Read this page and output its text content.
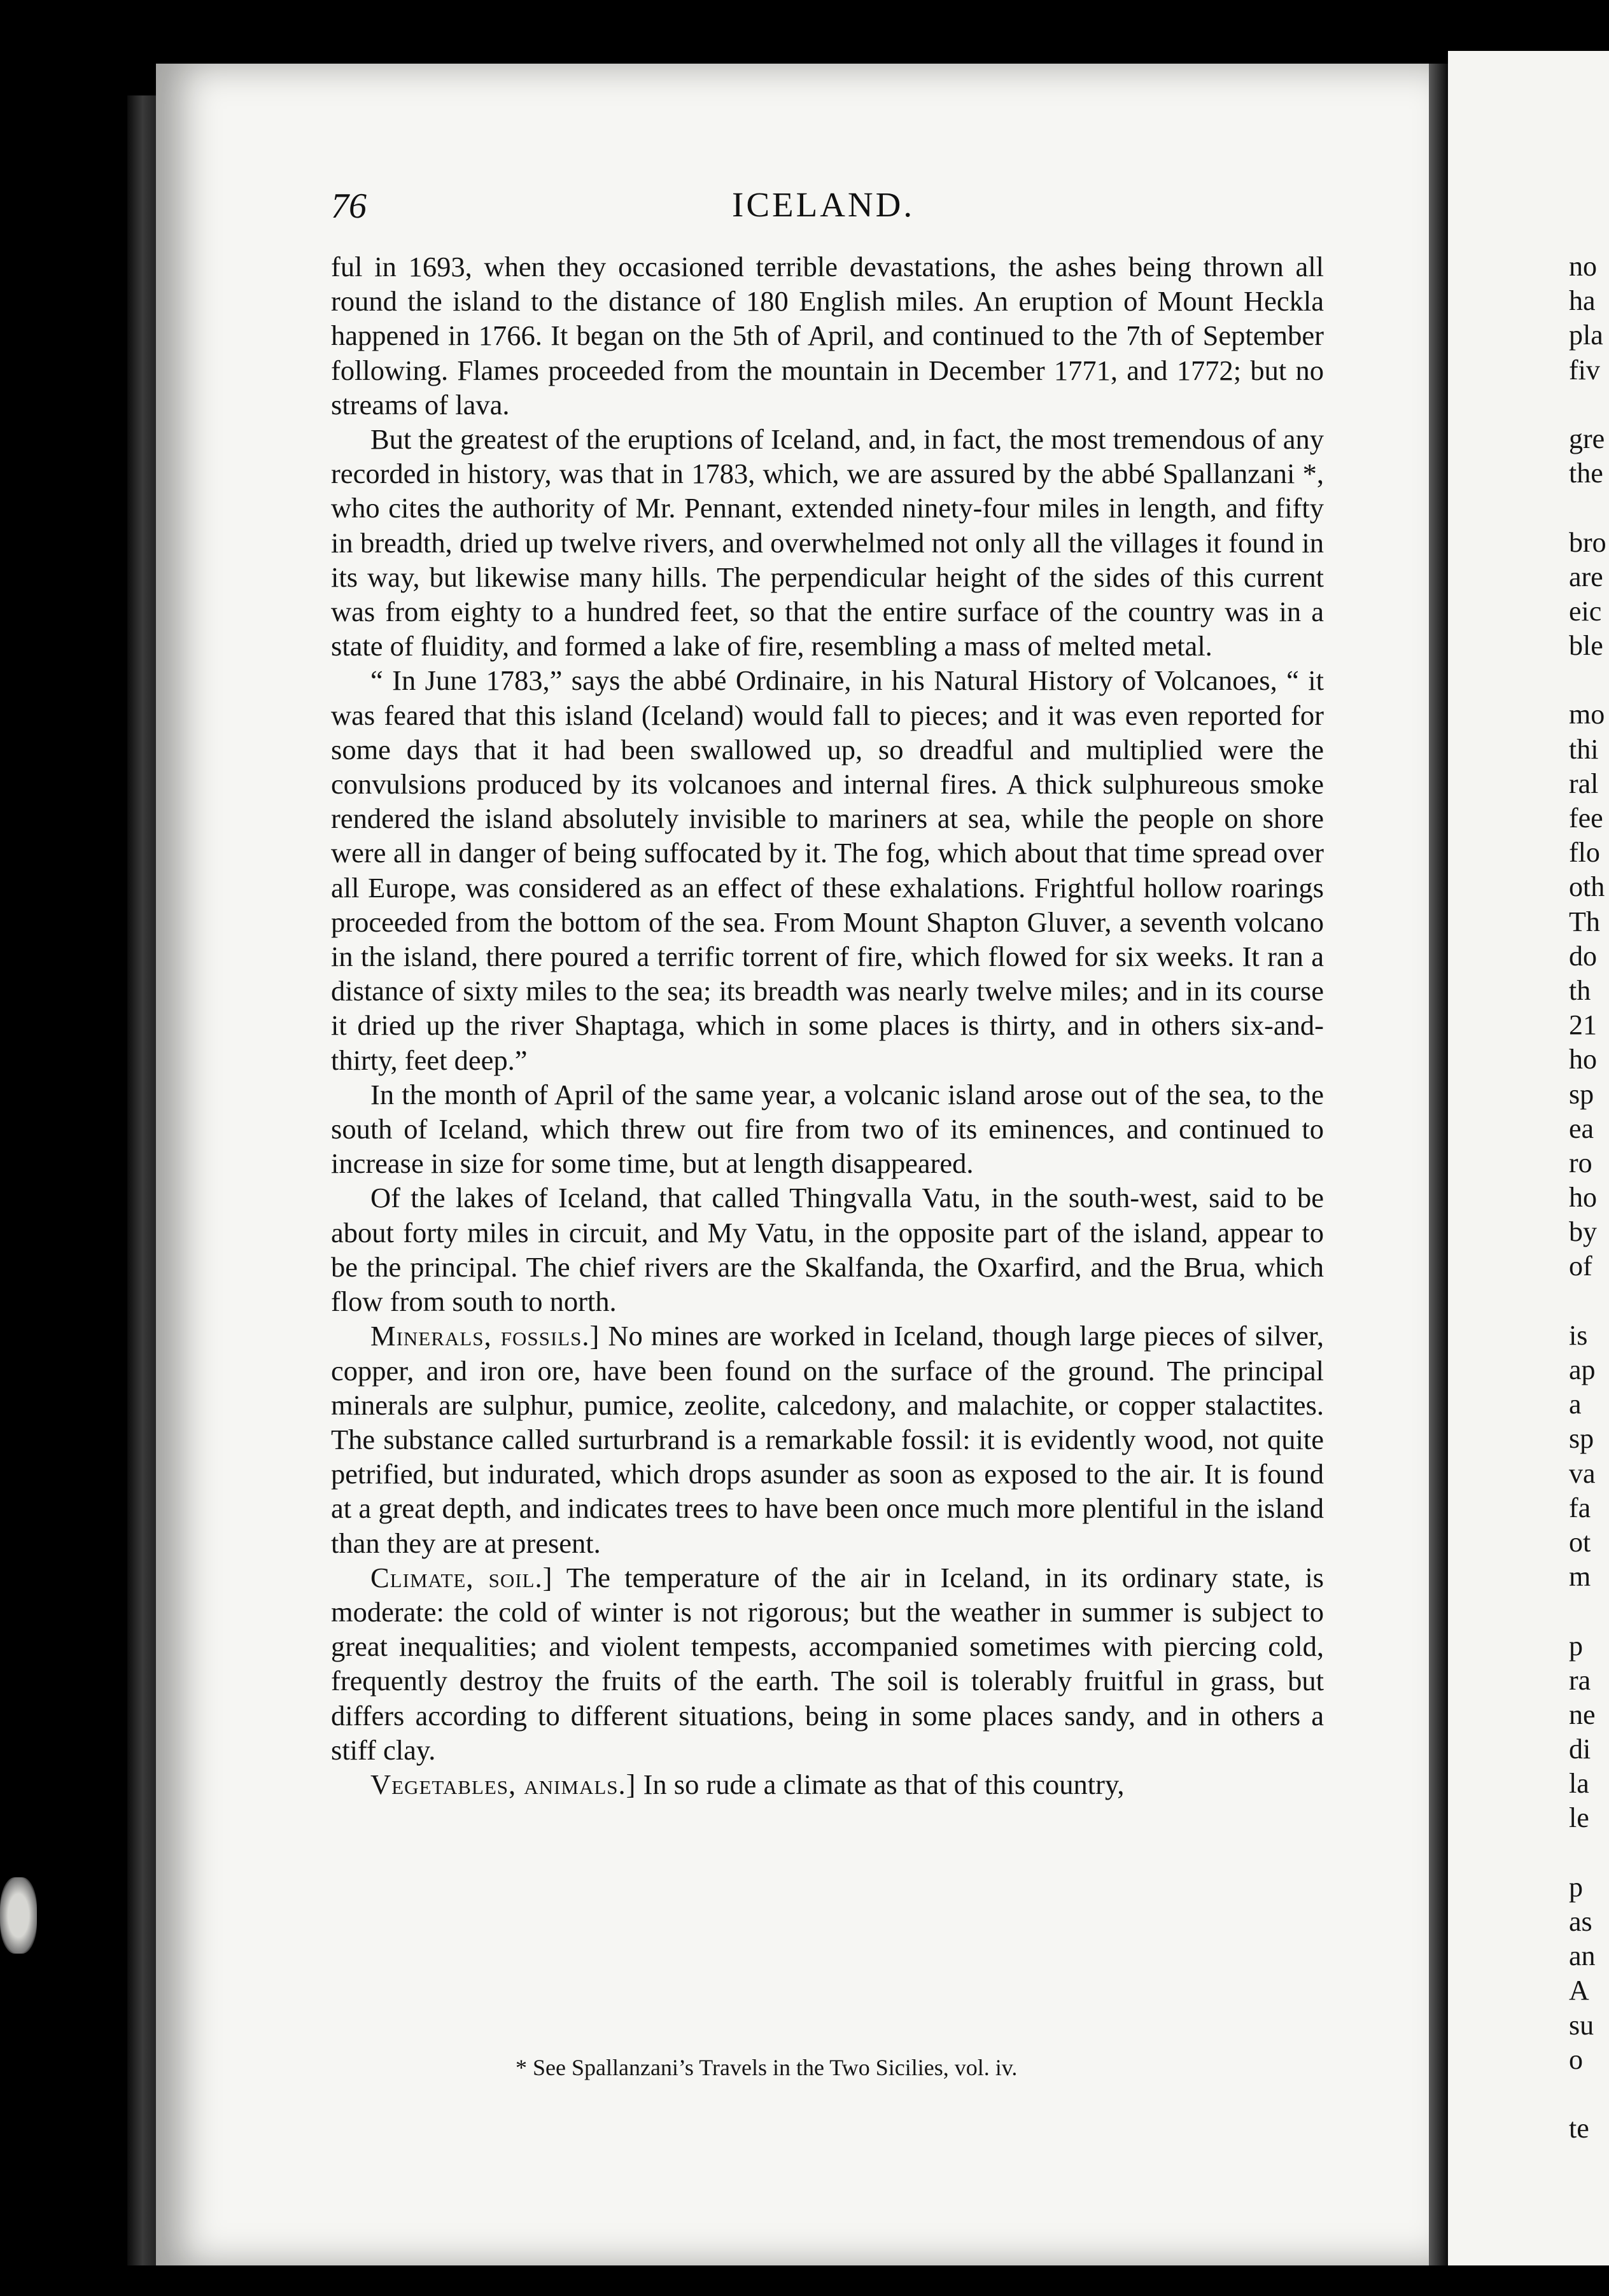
76	ICELAND.

ful in 1693, when they occasioned terrible devastations, the ashes being thrown all round the island to the distance of 180 English miles. An eruption of Mount Heckla happened in 1766. It began on the 5th of April, and continued to the 7th of September following. Flames proceeded from the mountain in December 1771, and 1772; but no streams of lava.

But the greatest of the eruptions of Iceland, and, in fact, the most tremendous of any recorded in history, was that in 1783, which, we are assured by the abbé Spallanzani *, who cites the authority of Mr. Pennant, extended ninety-four miles in length, and fifty in breadth, dried up twelve rivers, and overwhelmed not only all the villages it found in its way, but likewise many hills. The perpendicular height of the sides of this current was from eighty to a hundred feet, so that the entire surface of the country was in a state of fluidity, and formed a lake of fire, resembling a mass of melted metal.

“ In June 1783,” says the abbé Ordinaire, in his Natural History of Volcanoes, “ it was feared that this island (Iceland) would fall to pieces; and it was even reported for some days that it had been swallowed up, so dreadful and multiplied were the convulsions produced by its volcanoes and internal fires. A thick sulphureous smoke rendered the island absolutely invisible to mariners at sea, while the people on shore were all in danger of being suffocated by it. The fog, which about that time spread over all Europe, was considered as an effect of these exhalations. Frightful hollow roarings proceeded from the bottom of the sea. From Mount Shapton Gluver, a seventh volcano in the island, there poured a terrific torrent of fire, which flowed for six weeks. It ran a distance of sixty miles to the sea; its breadth was nearly twelve miles; and in its course it dried up the river Shaptaga, which in some places is thirty, and in others six-and-thirty, feet deep.”

In the month of April of the same year, a volcanic island arose out of the sea, to the south of Iceland, which threw out fire from two of its eminences, and continued to increase in size for some time, but at length disappeared.

Of the lakes of Iceland, that called Thingvalla Vatu, in the south-west, said to be about forty miles in circuit, and My Vatu, in the opposite part of the island, appear to be the principal. The chief rivers are the Skalfanda, the Oxarfird, and the Brua, which flow from south to north.

Minerals, fossils.] No mines are worked in Iceland, though large pieces of silver, copper, and iron ore, have been found on the surface of the ground. The principal minerals are sulphur, pumice, zeolite, calcedony, and malachite, or copper stalactites. The substance called surturbrand is a remarkable fossil: it is evidently wood, not quite petrified, but indurated, which drops asunder as soon as exposed to the air. It is found at a great depth, and indicates trees to have been once much more plentiful in the island than they are at present.

Climate, soil.] The temperature of the air in Iceland, in its ordinary state, is moderate: the cold of winter is not rigorous; but the weather in summer is subject to great inequalities; and violent tempests, accompanied sometimes with piercing cold, frequently destroy the fruits of the earth. The soil is tolerably fruitful in grass, but differs according to different situations, being in some places sandy, and in others a stiff clay.

Vegetables, animals.] In so rude a climate as that of this country,

* See Spallanzani’s Travels in the Two Sicilies, vol. iv.
no
ha
pla
fiv
gre
the
bro
are
eic
ble
mo
thi
ral
fee
flo
oth
Th
do
th
21
ho
sp
ea
ro
ho
by
of
is
ap
a
sp
va
fa
ot
m
p
ra
ne
di
la
le
p
as
an
A
su
o
te
